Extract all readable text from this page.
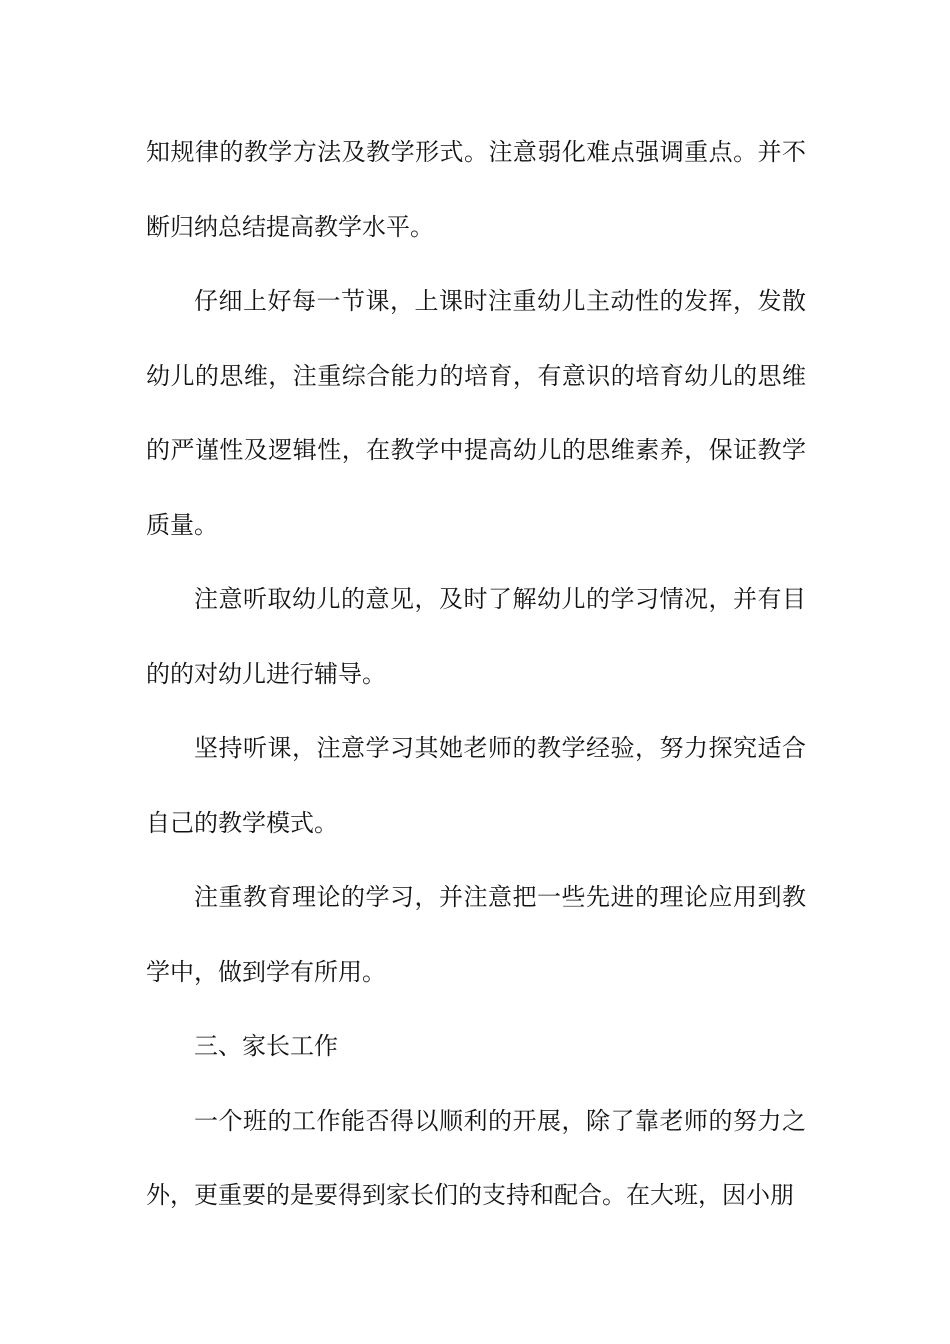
知规律的教学方法及教学形式。注意弱化难点强调重点。并不断归纳总结提高教学水平。

仔细上好每一节课，上课时注重幼儿主动性的发挥，发散幼儿的思维，注重综合能力的培育，有意识的培育幼儿的思维的严谨性及逻辑性，在教学中提高幼儿的思维素养，保证教学质量。

注意听取幼儿的意见，及时了解幼儿的学习情况，并有目的的对幼儿进行辅导。

坚持听课，注意学习其她老师的教学经验，努力探究适合自己的教学模式。

注重教育理论的学习，并注意把一些先进的理论应用到教学中，做到学有所用。

三、家长工作

一个班的工作能否得以顺利的开展，除了靠老师的努力之外，更重要的是要得到家长们的支持和配合。在大班，因小朋
